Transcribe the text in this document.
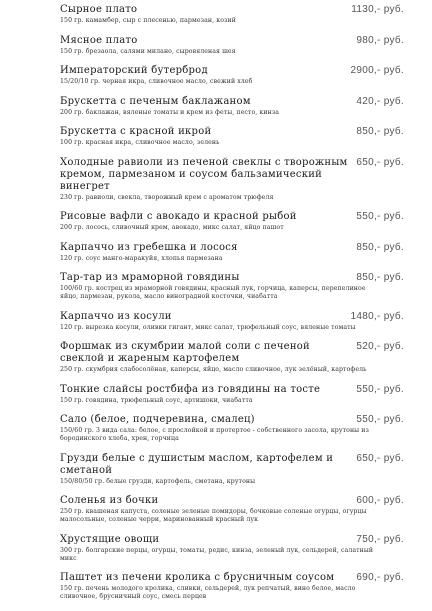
Сырное плато	1130,- руб.
150 гр. камамбер, сыр с плесенью, пармезан, козий
Мясное плато	980,- руб.
150 гр. брезаола, салями милано, сыровяленая шея
Императорский бутерброд	2900,- руб.
15/20/10 гр. черная икра, сливочное масло, свежий хлеб
Брускетта с печеным баклажаном	420,- руб.
200 гр. баклажан, вяленые томаты и крем из феты, песто, кинза
Брускетта с красной икрой	850,- руб.
100 гр. красная икра, сливочное масло, зелень
Холодные равиоли из печеной свеклы с творожным кремом, пармезаном и соусом бальзамический винегрет
650,- руб.
230 гр. равиоли, свекла, творожный крем с ароматом трюфеля
Рисовые вафли с авокадо и красной рыбой	550,- руб.
200 гр. лосось, сливочный крем, авокадо, микс салат, яйцо пашот
Карпаччо из гребешка и лосося	850,- руб.
120 гр. соус манго-маракуйя, хлопья пармезана
Тар-тар из мраморной говядины	850,- руб.
100/60 гр. кострец из мраморной говядины, красный лук, горчица, каперсы, перепелиное яйцо, пармезан, рукола, масло виноградной косточки, чиабатта
Карпаччо из косули	1480,- руб.
120 гр. вырезка косули, оливки гигант, микс салат, трюфельный соус, вяленые томаты
Форшмак из скумбрии малой соли с печеной свеклой и жареным картофелем
520,- руб.
250 гр. скумбрия слабосолёная, каперсы, яйцо, масло сливочное, лук зелёный, картофель
Тонкие слайсы ростбифа из говядины на тосте	550,- руб.
150 гр. говядина, трюфельный соус, артишоки, чиабатта
Сало (белое, подчеревина, смалец)	550,- руб.
150/60 гр. 3 вида сала: белое, с прослойкой и протертое - собственного засола, крутоны из бородинского хлеба, хрен, горчица
Грузди белые с душистым маслом, картофелем и сметаной
650,- руб.
150/80/50 гр. белые грузди, картофель, сметана, крутоны
Соленья из бочки	600,- руб.
250 гр. квашеная капуста, соленые зеленые помидоры, бочковые соленые огурцы, огурцы малосольные, соленые черри, маринованный красный лук
Хрустящие овощи	750,- руб.
300 гр. болгарские перцы, огурцы, томаты, редис, кинза, зеленый лук, сельдерей, салатный микс
Паштет из печени кролика с брусничным соусом 690,- руб.
150 гр. печень молодого кролика, сливки, сельдерей, лук репчатый, вино белое, масло сливочное, брусничный соус, смесь перцев
